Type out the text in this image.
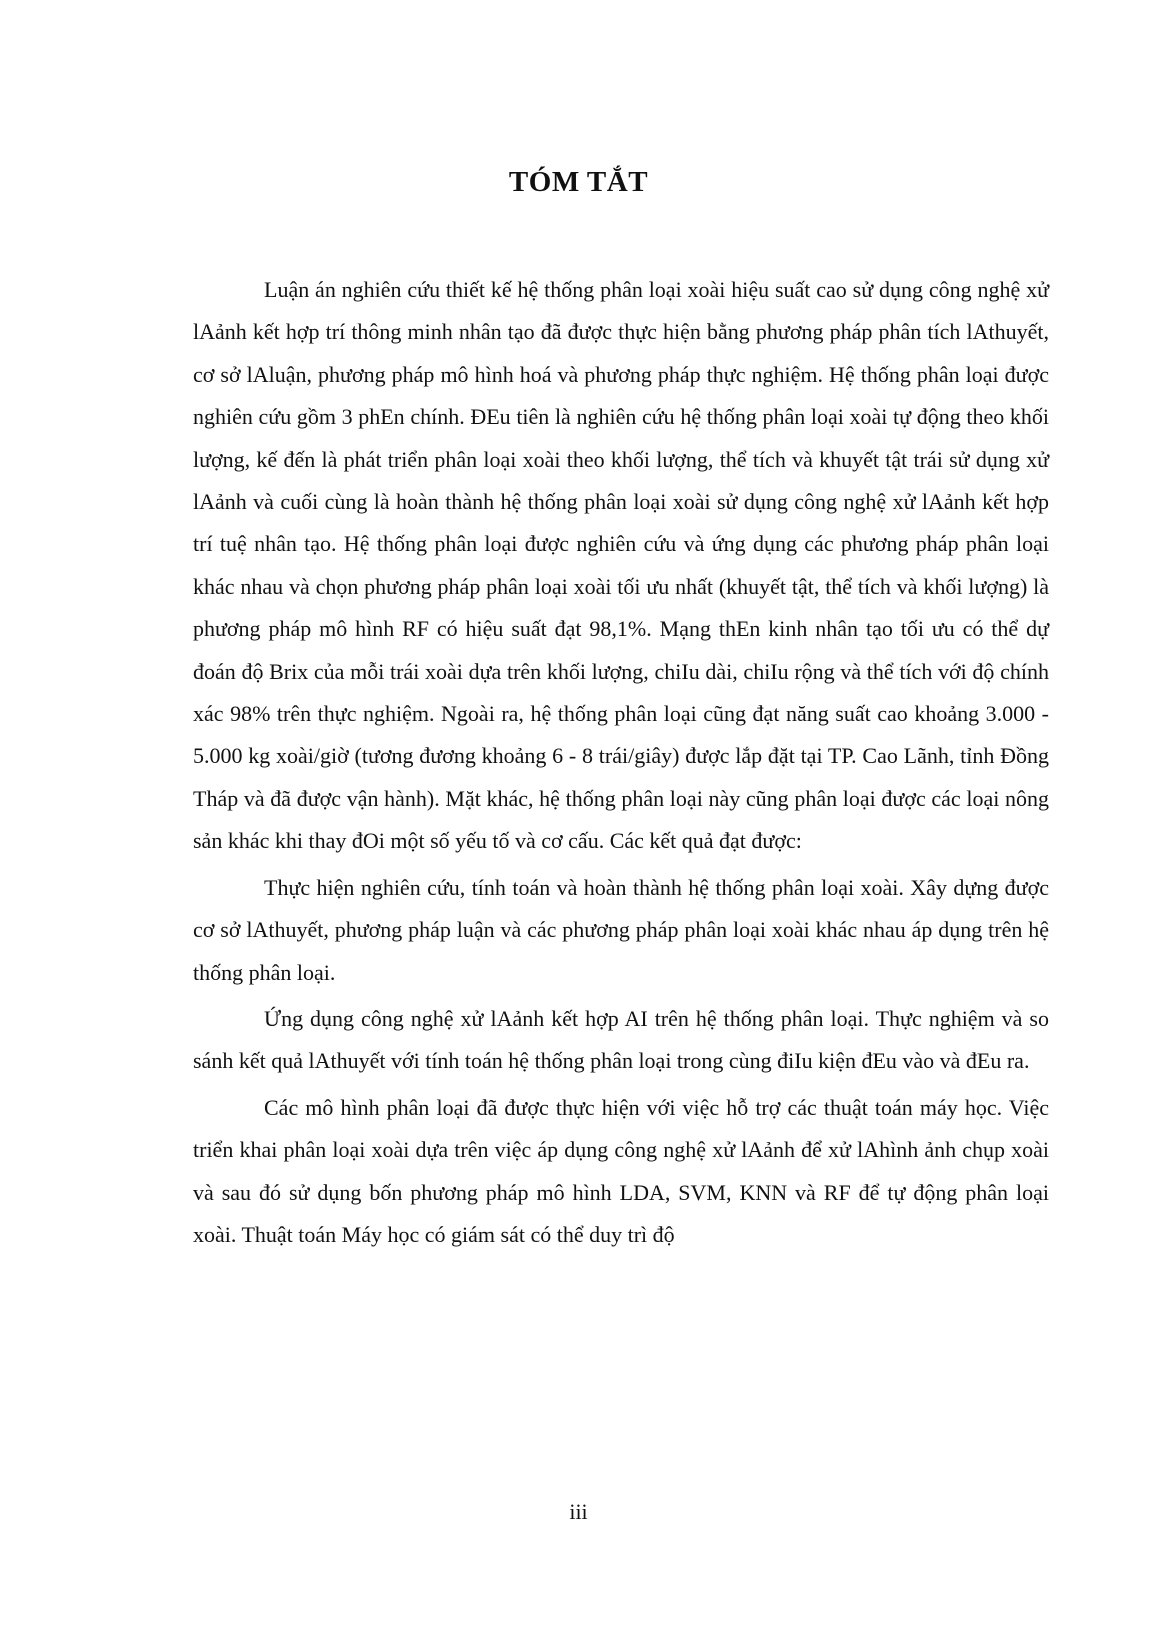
TÓM TẮT

Luận án nghiên cứu thiết kế hệ thống phân loại xoài hiệu suất cao sử dụng công nghệ xử lAảnh kết hợp trí thông minh nhân tạo đã được thực hiện bằng phương pháp phân tích lAthuyết, cơ sở lAluận, phương pháp mô hình hoá và phương pháp thực nghiệm. Hệ thống phân loại được nghiên cứu gồm 3 phEn chính. ĐEu tiên là nghiên cứu hệ thống phân loại xoài tự động theo khối lượng, kế đến là phát triển phân loại xoài theo khối lượng, thể tích và khuyết tật trái sử dụng xử lAảnh và cuối cùng là hoàn thành hệ thống phân loại xoài sử dụng công nghệ xử lAảnh kết hợp trí tuệ nhân tạo. Hệ thống phân loại được nghiên cứu và ứng dụng các phương pháp phân loại khác nhau và chọn phương pháp phân loại xoài tối ưu nhất (khuyết tật, thể tích và khối lượng) là phương pháp mô hình RF có hiệu suất đạt 98,1%. Mạng thEn kinh nhân tạo tối ưu có thể dự đoán độ Brix của mỗi trái xoài dựa trên khối lượng, chiIu dài, chiIu rộng và thể tích với độ chính xác 98% trên thực nghiệm. Ngoài ra, hệ thống phân loại cũng đạt năng suất cao khoảng 3.000 - 5.000 kg xoài/giờ (tương đương khoảng 6 - 8 trái/giây) được lắp đặt tại TP. Cao Lãnh, tỉnh Đồng Tháp và đã được vận hành). Mặt khác, hệ thống phân loại này cũng phân loại được các loại nông sản khác khi thay đOi một số yếu tố và cơ cấu. Các kết quả đạt được:

Thực hiện nghiên cứu, tính toán và hoàn thành hệ thống phân loại xoài. Xây dựng được cơ sở lAthuyết, phương pháp luận và các phương pháp phân loại xoài khác nhau áp dụng trên hệ thống phân loại.

Ứng dụng công nghệ xử lAảnh kết hợp AI trên hệ thống phân loại. Thực nghiệm và so sánh kết quả lAthuyết với tính toán hệ thống phân loại trong cùng điIu kiện đEu vào và đEu ra.

Các mô hình phân loại đã được thực hiện với việc hỗ trợ các thuật toán máy học. Việc triển khai phân loại xoài dựa trên việc áp dụng công nghệ xử lAảnh để xử lAhình ảnh chụp xoài và sau đó sử dụng bốn phương pháp mô hình LDA, SVM, KNN và RF để tự động phân loại xoài. Thuật toán Máy học có giám sát có thể duy trì độ

iii
